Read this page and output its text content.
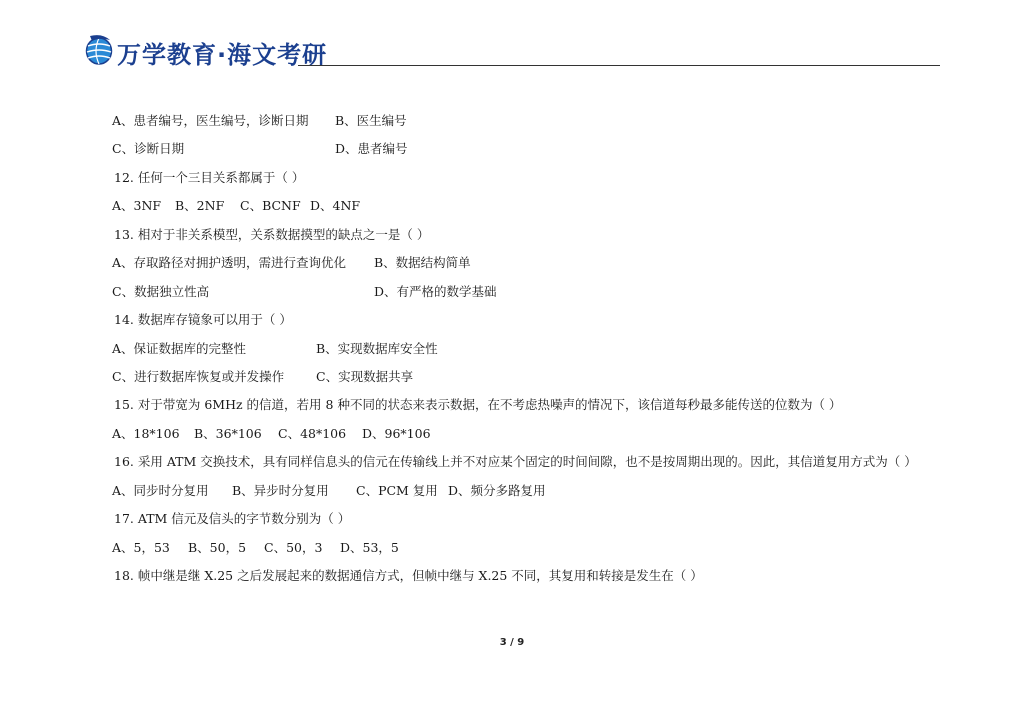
万学教育·海文考研
A、患者编号，医生编号，诊断日期 B、医生编号
C、诊断日期	D、患者编号
12. 任何一个三目关系都属于（ ）
A、3NF B、2NF C、BCNF D、4NF
13. 相对于非关系模型，关系数据摸型的缺点之一是（ ）
A、存取路径对拥护透明，需进行查询优化 B、数据结构简单
C、数据独立性高	D、有严格的数学基础
14. 数据库存镜象可以用于（ ）
A、保证数据库的完整性	B、实现数据库安全性
C、进行数据库恢复或并发操作	C、实现数据共享
15. 对于带宽为 6MHz 的信道，若用 8 种不同的状态来表示数据，在不考虑热噪声的情况下，该信道每秒最多能传送的位数为（ ）
A、18*106 B、36*106 C、48*106 D、96*106
16. 采用 ATM 交换技术，具有同样信息头的信元在传输线上并不对应某个固定的时间间隙，也不是按周期出现的。因此，其信道复用方式为（ ）
A、同步时分复用 B、异步时分复用 C、PCM 复用 D、频分多路复用
17. ATM 信元及信头的字节数分别为（ ）
A、5，53 B、50，5 C、50，3 D、53，5
18. 帧中继是继 X.25 之后发展起来的数据通信方式，但帧中继与 X.25 不同，其复用和转接是发生在（ ）
3 / 9
